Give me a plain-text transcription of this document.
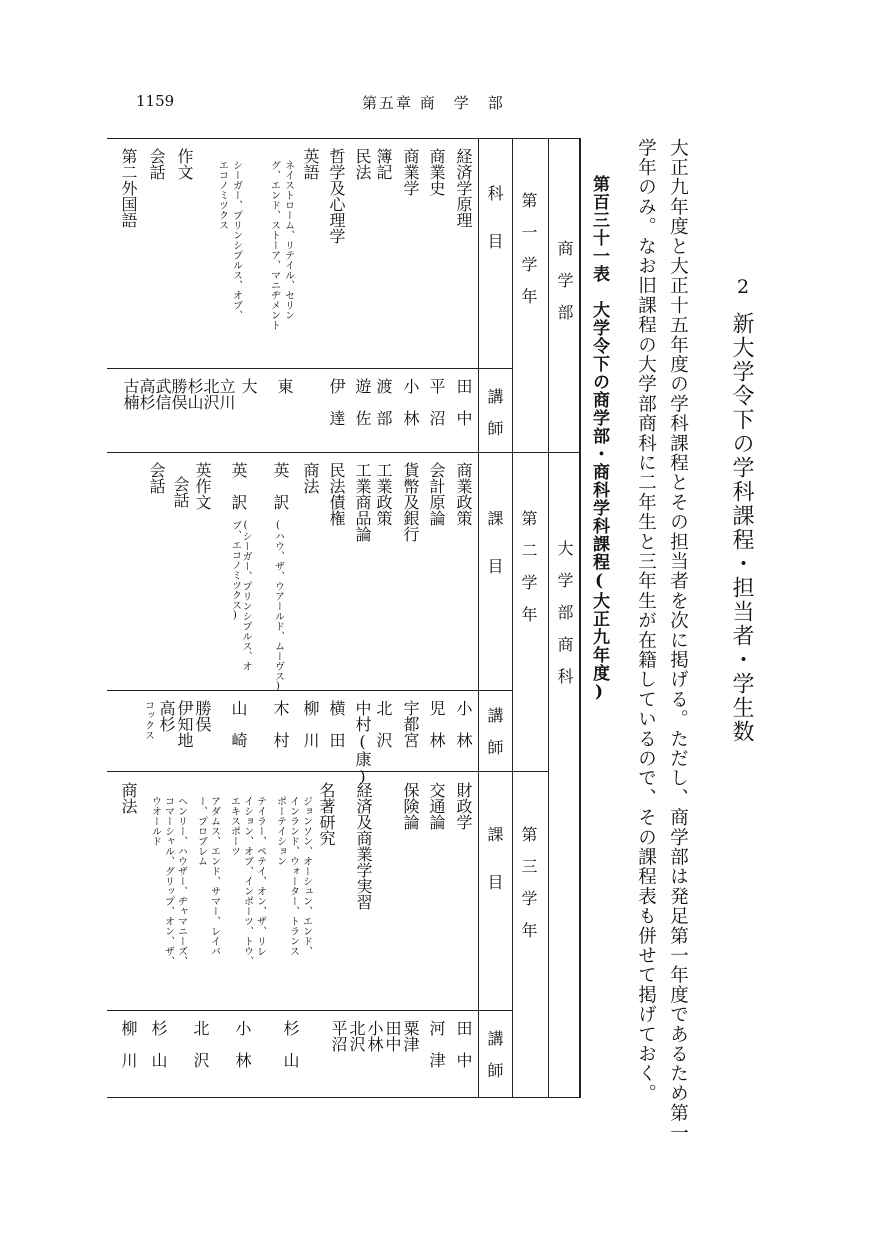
1159	第五章 商　学　部
2
新大学令下の学科課程・担当者・学生数
大正九年度と大正十五年度の学科課程とその担当者を次に掲げる。ただし、商学部は発足第一年度であるため第一
学年のみ。なお旧課程の大学部商科に二年生と三年生が在籍しているので、その課程表も併せて掲げておく。
第百三十一表　大学令下の商学部・商科学科課程(大正九年度)
商　学　部
大　学　部　商　科
第　一　学　年
第　二　学　年
第　三　学　年
科　　目
講　師
課　　目
講　師
課　　目
講　師
経済学原理
商業史
商業学
簿記
民法
哲学及心理学
英語
ネイストローム、リテイル、セリン
グ、エンド、ストーア、マニヂメント
シーガー、プリンシプルス、オブ、
エコノミツクス
作文
会話
第二外国語
田　中
平　沼
小　林
渡　部
遊　佐
伊　達
東
大
立川
北沢
杉山
勝俣
武信
高杉
古楠
商業政策
会計原論
貨幣及銀行
工業政策
工業商品論
民法債権
商法
英　訳
(ハウ、ザ、ウアールド、ムーヴス)
英　訳
(シーガー、プリンシプルス、オブ、エコノミツクス)
英作文
会話
会話
小　林
児　林
宇都宮
北　沢
中村(康)
横　田
柳　川
木　村
山　崎
勝俣
伊知地
高杉
コックス
財政学
交通論
保険論
経済及商業学実習
名著研究
ジョンソン、オーシュン、エンド、
インランド、ウォーター、トランス
ポーテイション
テイラー、ペテイ、オン、ザ、リレ
イション、オブ、インポーツ、トウ、
エキスポーツ
アダムス、エンド、サマー、レイバ
ー、プロブレム
ヘンリー、ハウザー、ヂャマニーズ、
コマーシャル、グリップ、オン、ザ、
ウオールド
商法
田　中
河　津
粟津
田中
小林
北沢
平沼
杉　山
小　林
北　沢
杉　山
柳　川
